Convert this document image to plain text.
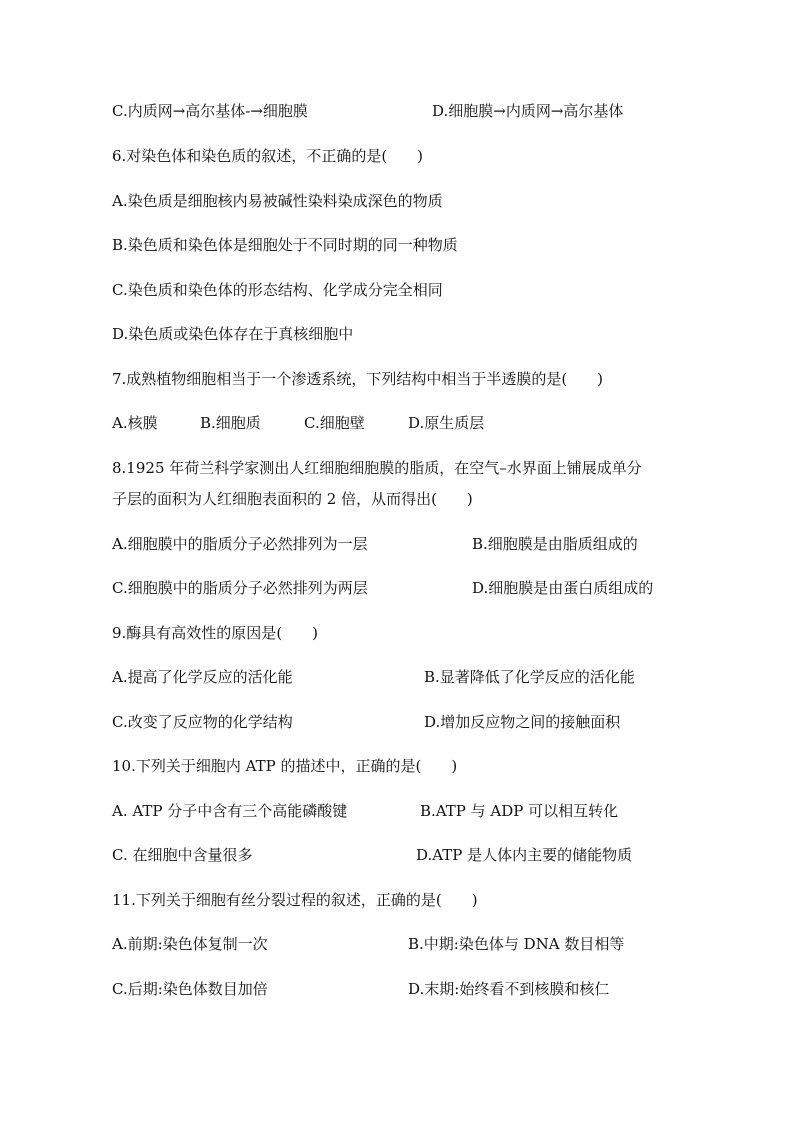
C.内质网→高尔基体-→细胞膜	D.细胞膜→内质网→高尔基体
6.对染色体和染色质的叙述，不正确的是(　　)
A.染色质是细胞核内易被碱性染料染成深色的物质
B.染色质和染色体是细胞处于不同时期的同一种物质
C.染色质和染色体的形态结构、化学成分完全相同
D.染色质或染色体存在于真核细胞中
7.成熟植物细胞相当于一个渗透系统，下列结构中相当于半透膜的是(　　)
A.核膜	B.细胞质	C.细胞壁	D.原生质层
8.1925 年荷兰科学家测出人红细胞细胞膜的脂质，在空气–水界面上铺展成单分
子层的面积为人红细胞表面积的 2 倍，从而得出(　　)
A.细胞膜中的脂质分子必然排列为一层	B.细胞膜是由脂质组成的
C.细胞膜中的脂质分子必然排列为两层	D.细胞膜是由蛋白质组成的
9.酶具有高效性的原因是(　　)
A.提高了化学反应的活化能	B.显著降低了化学反应的活化能
C.改变了反应物的化学结构	D.增加反应物之间的接触面积
10.下列关于细胞内 ATP 的描述中，正确的是(　　)
A. ATP 分子中含有三个高能磷酸键	B.ATP 与 ADP 可以相互转化
C. 在细胞中含量很多	D.ATP 是人体内主要的储能物质
11.下列关于细胞有丝分裂过程的叙述，正确的是(　　)
A.前期:染色体复制一次	B.中期:染色体与 DNA 数目相等
C.后期:染色体数目加倍	D.末期:始终看不到核膜和核仁
